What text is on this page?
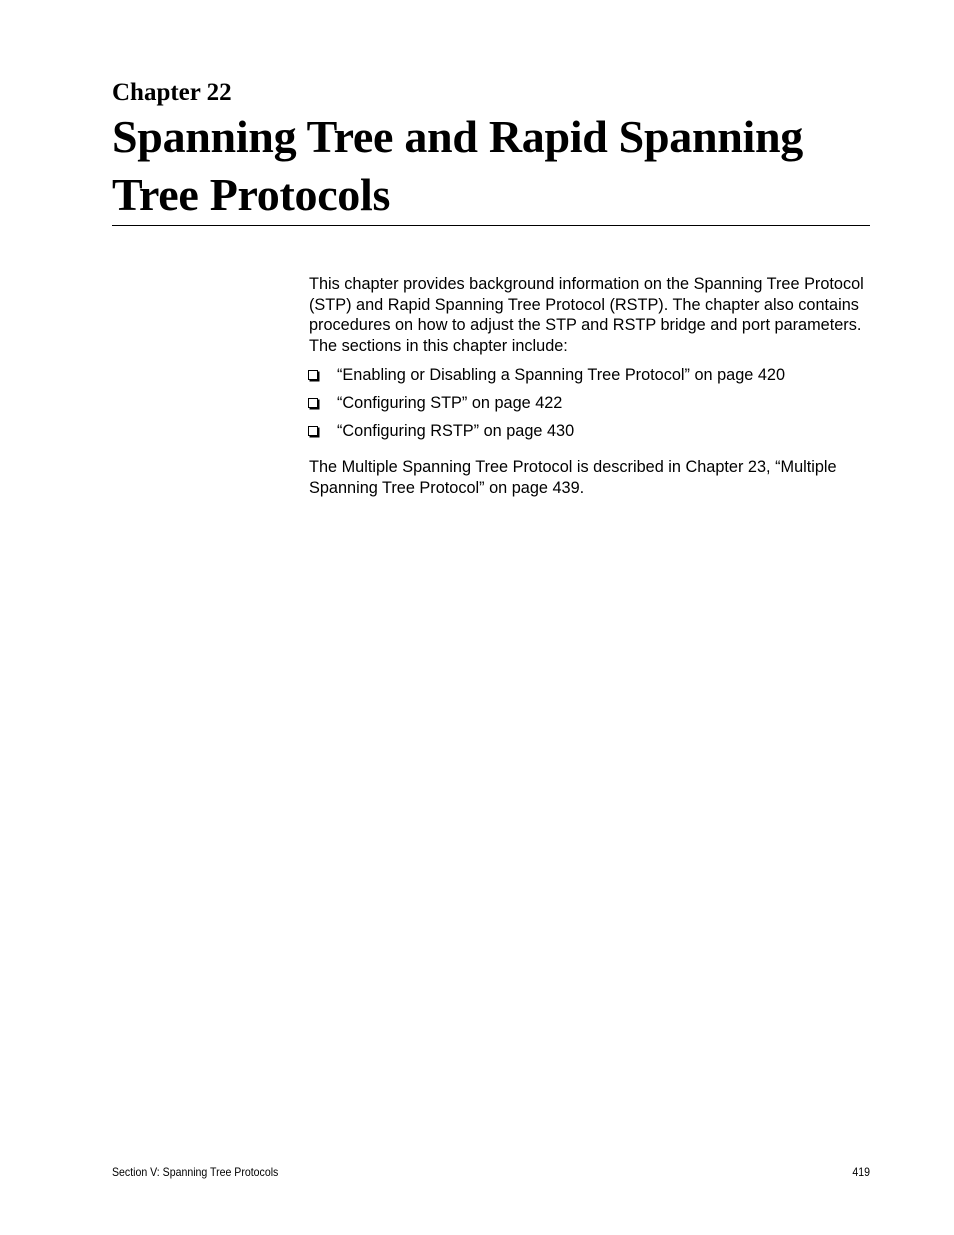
Chapter 22
Spanning Tree and Rapid Spanning Tree Protocols

This chapter provides background information on the Spanning Tree Protocol (STP) and Rapid Spanning Tree Protocol (RSTP). The chapter also contains procedures on how to adjust the STP and RSTP bridge and port parameters. The sections in this chapter include:

“Enabling or Disabling a Spanning Tree Protocol” on page 420
“Configuring STP” on page 422
“Configuring RSTP” on page 430

The Multiple Spanning Tree Protocol is described in Chapter 23, “Multiple Spanning Tree Protocol” on page 439.

Section V: Spanning Tree Protocols	419
